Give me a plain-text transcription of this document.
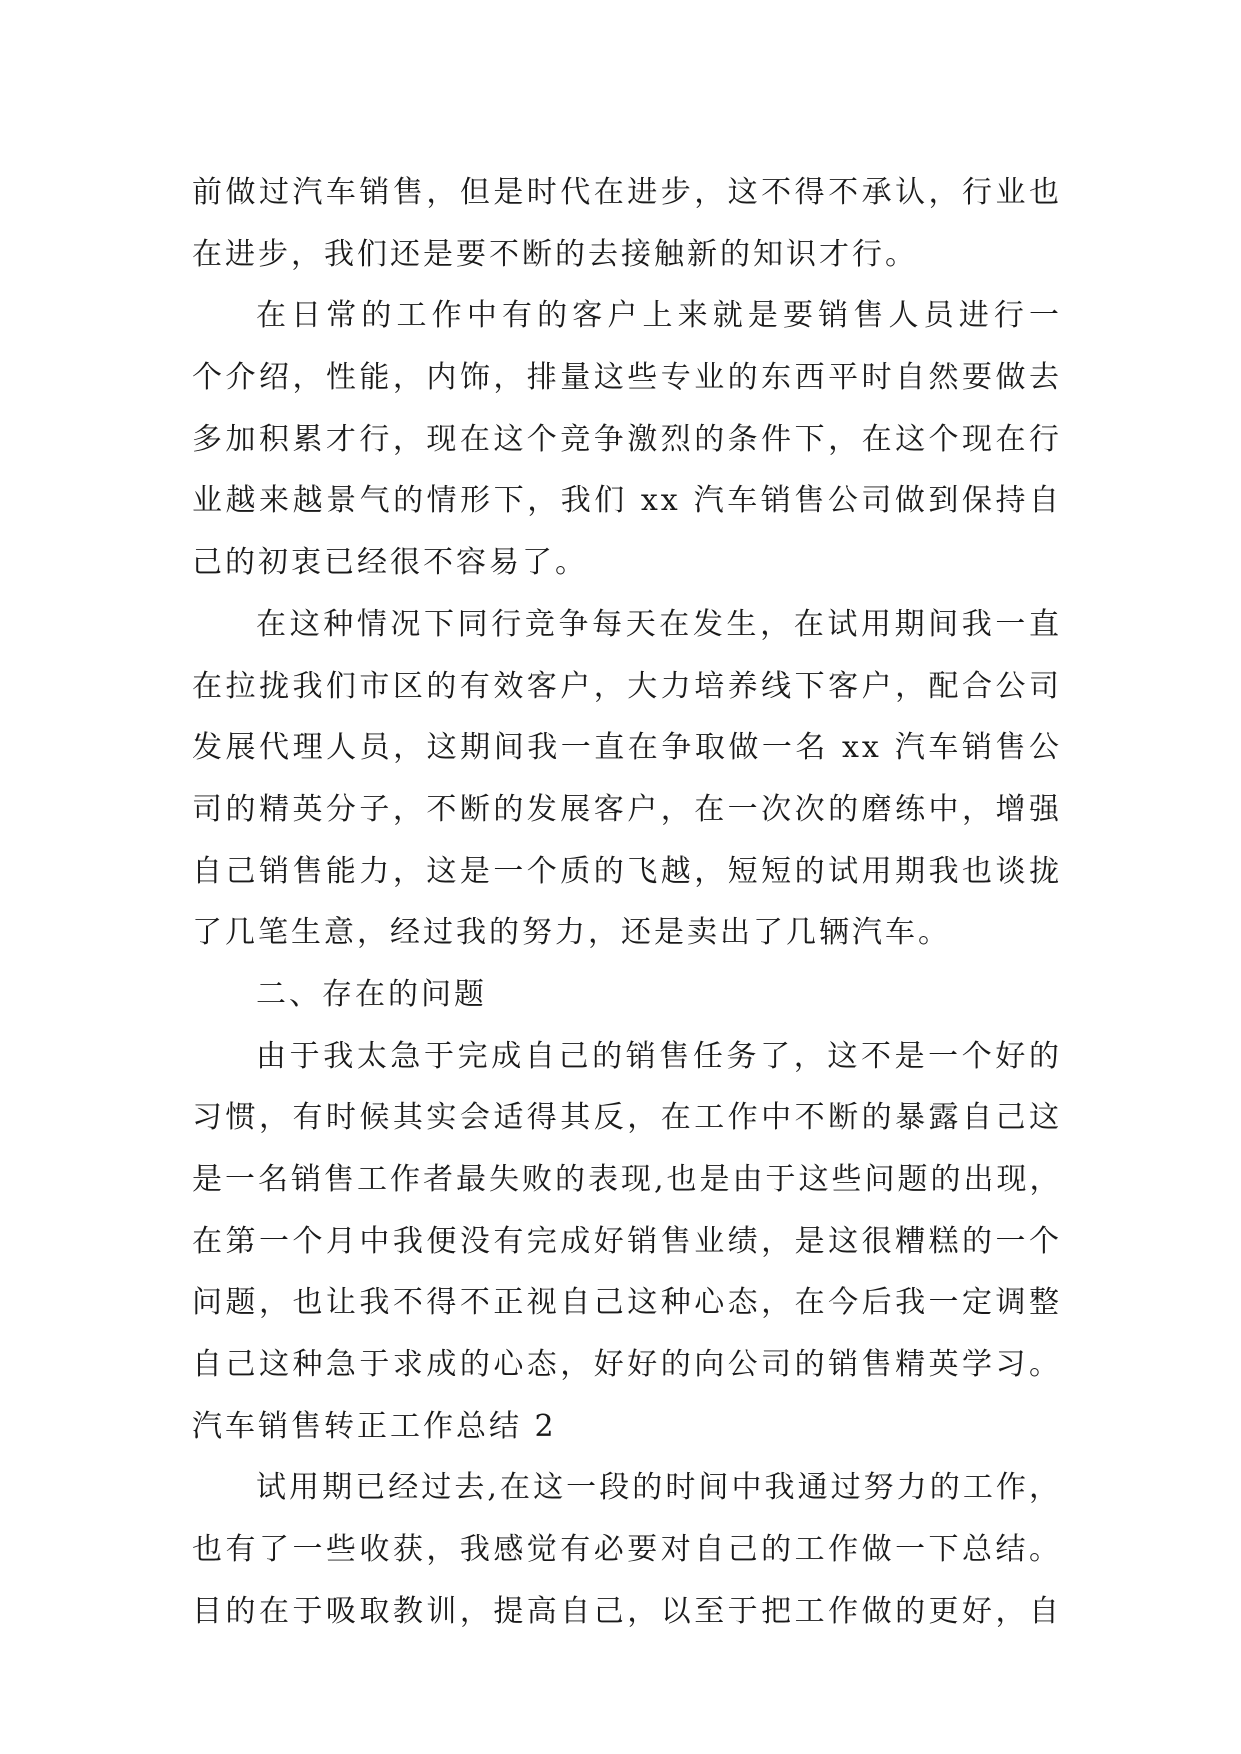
前做过汽车销售，但是时代在进步，这不得不承认，行业也
在进步，我们还是要不断的去接触新的知识才行。
在日常的工作中有的客户上来就是要销售人员进行一
个介绍，性能，内饰，排量这些专业的东西平时自然要做去
多加积累才行，现在这个竞争激烈的条件下，在这个现在行
业越来越景气的情形下，我们 xx 汽车销售公司做到保持自
己的初衷已经很不容易了。
在这种情况下同行竞争每天在发生，在试用期间我一直
在拉拢我们市区的有效客户，大力培养线下客户，配合公司
发展代理人员，这期间我一直在争取做一名 xx 汽车销售公
司的精英分子，不断的发展客户，在一次次的磨练中，增强
自己销售能力，这是一个质的飞越，短短的试用期我也谈拢
了几笔生意，经过我的努力，还是卖出了几辆汽车。
二、存在的问题
由于我太急于完成自己的销售任务了，这不是一个好的
习惯，有时候其实会适得其反，在工作中不断的暴露自己这
是一名销售工作者最失败的表现,也是由于这些问题的出现，
在第一个月中我便没有完成好销售业绩，是这很糟糕的一个
问题，也让我不得不正视自己这种心态，在今后我一定调整
自己这种急于求成的心态，好好的向公司的销售精英学习。
汽车销售转正工作总结 2
试用期已经过去,在这一段的时间中我通过努力的工作，
也有了一些收获，我感觉有必要对自己的工作做一下总结。
目的在于吸取教训，提高自己，以至于把工作做的更好，自
